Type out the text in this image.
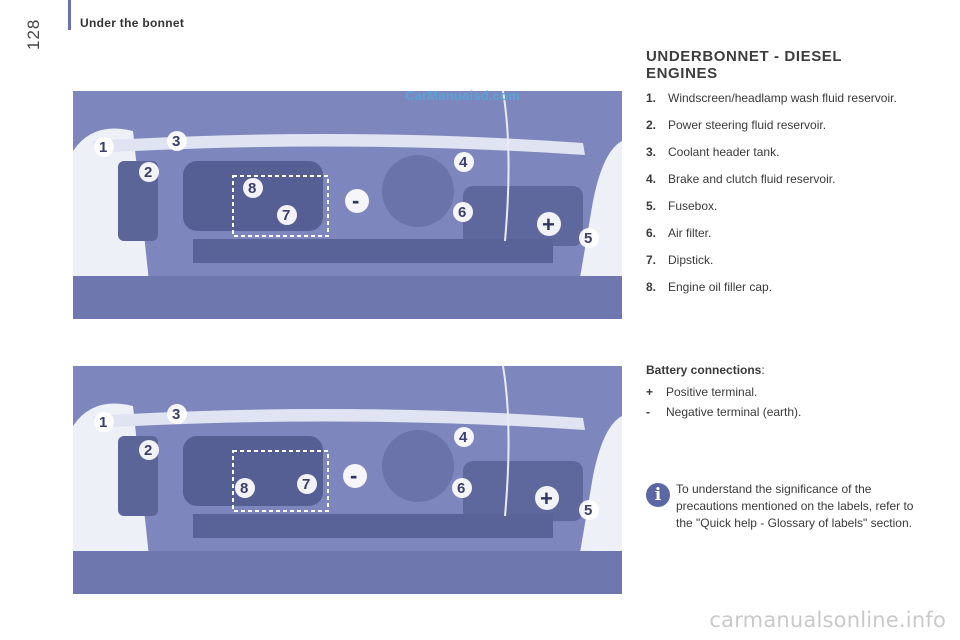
Under the bonnet
128
UNDERBONNET - DIESEL ENGINES
1. Windscreen/headlamp wash fluid reservoir.
2. Power steering fluid reservoir.
3. Coolant header tank.
4. Brake and clutch fluid reservoir.
5. Fusebox.
6. Air filter.
7. Dipstick.
8. Engine oil filler cap.
Battery connections:
+	Positive terminal.
-	Negative terminal (earth).
i	To understand the significance of the precautions mentioned on the labels, refer to the "Quick help - Glossary of labels" section.
1
2
3
4
5
6
7
8
+
-
1
2
3
4
5
6
7
8	+
-
CarManualsd.com
carmanualsonline.info
